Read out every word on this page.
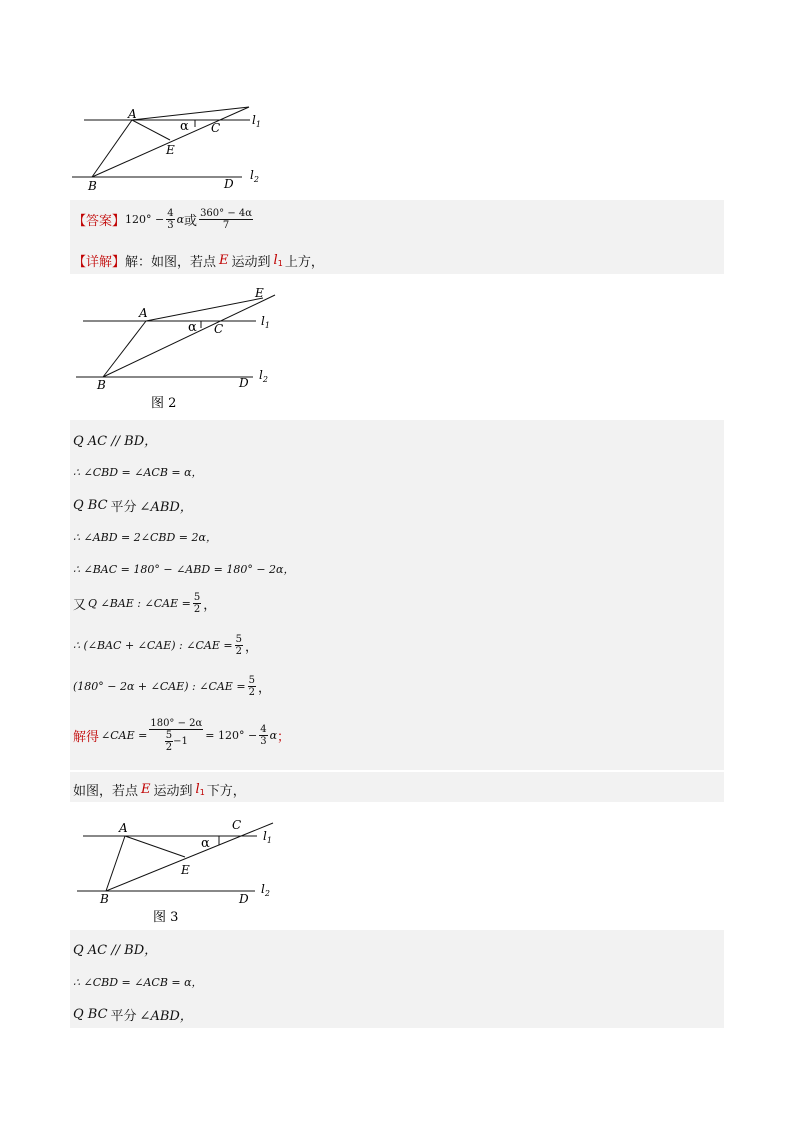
A
α C
E
B	D
$l_1$
$l_2$
【答案】 $120^\circ - \frac{4}{3}$ α 或 $\frac{360^\circ - 4\alpha}{7}$
【详解】 解：如图，若点 E 运动到 l 1 上方，
A
E
α C
B	D
$l_1$
$l_2$
图 2
Q AC // BD，
∴ ∠CBD = ∠ACB = α，
Q BC 平分 ∠ABD，
∴ ∠ABD = 2∠CBD = 2α，
∴ ∠BAC = 180° − ∠ABD = 180° − 2α，
又 Q ∠BAE : ∠CAE = $\frac{5}{2}$ ，
∴ (∠BAC + ∠CAE) : ∠CAE = $\frac{5}{2}$ ，
(180° − 2α + ∠CAE) : ∠CAE = $\frac{5}{2}$ ，
解得 ∠CAE = $\frac{180^\circ - 2\alpha}{\frac{5}{2} -1} = 120^\circ - \frac{4}{3}$ α ；
如图，若点 E 运动到 l 1 下方，
A	C
α
E
B	D
$l_1$
$l_2$
图 3
Q AC // BD，
∴ ∠CBD = ∠ACB = α，
Q BC 平分 ∠ABD，
